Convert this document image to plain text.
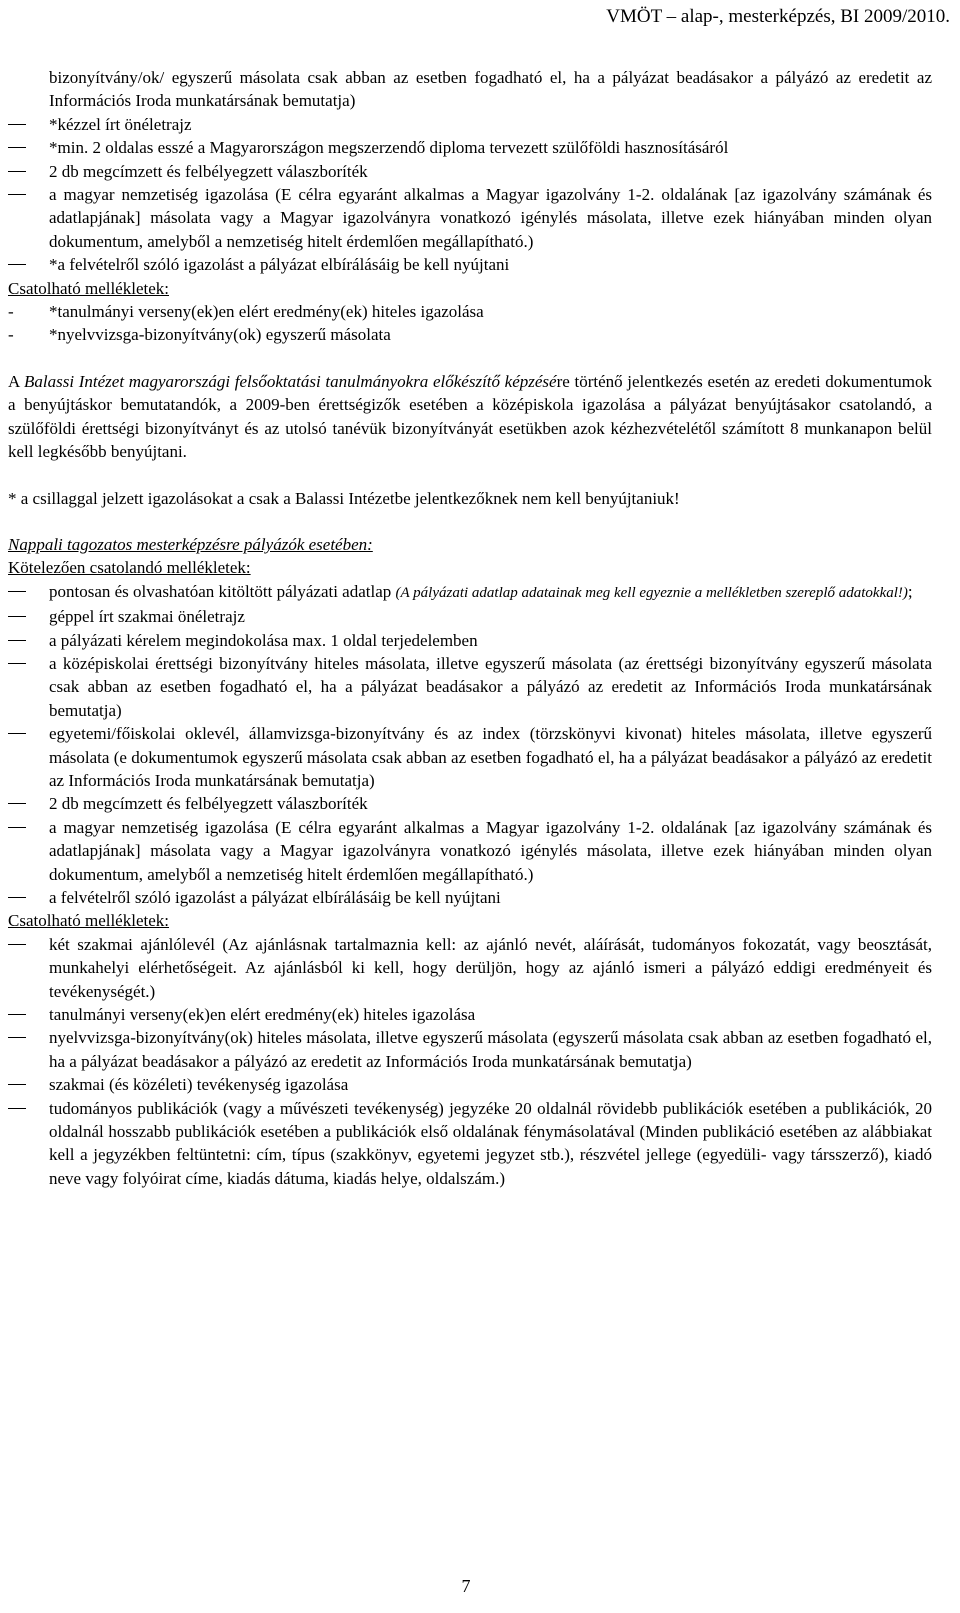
VMÖT – alap-, mesterképzés, BI 2009/2010.

bizonyítvány/ok/ egyszerű másolata csak abban az esetben fogadható el, ha a pályázat beadásakor a pályázó az eredetit az Információs Iroda munkatársának bemutatja)

*kézzel írt önéletrajz

*min. 2 oldalas esszé a Magyarországon megszerzendő diploma tervezett szülőföldi hasznosításáról

2 db megcímzett és felbélyegzett válaszboríték

a magyar nemzetiség igazolása (E célra egyaránt alkalmas a Magyar igazolvány 1-2. oldalának [az igazolvány számának és adatlapjának] másolata vagy a Magyar igazolványra vonatkozó igénylés másolata, illetve ezek hiányában minden olyan dokumentum, amelyből a nemzetiség hitelt érdemlően megállapítható.)

*a felvételről szóló igazolást a pályázat elbírálásáig be kell nyújtani

Csatolható mellékletek:

- *tanulmányi verseny(ek)en elért eredmény(ek) hiteles igazolása

- *nyelvvizsga-bizonyítvány(ok) egyszerű másolata

A Balassi Intézet magyarországi felsőoktatási tanulmányokra előkészítő képzésére történő jelentkezés esetén az eredeti dokumentumok a benyújtáskor bemutatandók, a 2009-ben érettségizők esetében a középiskola igazolása a pályázat benyújtásakor csatolandó, a szülőföldi érettségi bizonyítványt és az utolsó tanévük bizonyítványát esetükben azok kézhezvételétől számított 8 munkanapon belül kell legkésőbb benyújtani.

* a csillaggal jelzett igazolásokat a csak a Balassi Intézetbe jelentkezőknek nem kell benyújtaniuk!

Nappali tagozatos mesterképzésre pályázók esetében:

Kötelezően csatolandó mellékletek:

pontosan és olvashatóan kitöltött pályázati adatlap (A pályázati adatlap adatainak meg kell egyeznie a mellékletben szereplő adatokkal!);

géppel írt szakmai önéletrajz

a pályázati kérelem megindokolása max. 1 oldal terjedelemben

a középiskolai érettségi bizonyítvány hiteles másolata, illetve egyszerű másolata (az érettségi bizonyítvány egyszerű másolata csak abban az esetben fogadható el, ha a pályázat beadásakor a pályázó az eredetit az Információs Iroda munkatársának bemutatja)

egyetemi/főiskolai oklevél, államvizsga-bizonyítvány és az index (törzskönyvi kivonat) hiteles másolata, illetve egyszerű másolata (e dokumentumok egyszerű másolata csak abban az esetben fogadható el, ha a pályázat beadásakor a pályázó az eredetit az Információs Iroda munkatársának bemutatja)

2 db megcímzett és felbélyegzett válaszboríték

a magyar nemzetiség igazolása (E célra egyaránt alkalmas a Magyar igazolvány 1-2. oldalának [az igazolvány számának és adatlapjának] másolata vagy a Magyar igazolványra vonatkozó igénylés másolata, illetve ezek hiányában minden olyan dokumentum, amelyből a nemzetiség hitelt érdemlően megállapítható.)

a felvételről szóló igazolást a pályázat elbírálásáig be kell nyújtani

Csatolható mellékletek:

két szakmai ajánlólevél (Az ajánlásnak tartalmaznia kell: az ajánló nevét, aláírását, tudományos fokozatát, vagy beosztását, munkahelyi elérhetőségeit. Az ajánlásból ki kell, hogy derüljön, hogy az ajánló ismeri a pályázó eddigi eredményeit és tevékenységét.)

tanulmányi verseny(ek)en elért eredmény(ek) hiteles igazolása

nyelvvizsga-bizonyítvány(ok) hiteles másolata, illetve egyszerű másolata (egyszerű másolata csak abban az esetben fogadható el, ha a pályázat beadásakor a pályázó az eredetit az Információs Iroda munkatársának bemutatja)

szakmai (és közéleti) tevékenység igazolása

tudományos publikációk (vagy a művészeti tevékenység) jegyzéke 20 oldalnál rövidebb publikációk esetében a publikációk, 20 oldalnál hosszabb publikációk esetében a publikációk első oldalának fénymásolatával (Minden publikáció esetében az alábbiakat kell a jegyzékben feltüntetni: cím, típus (szakkönyv, egyetemi jegyzet stb.), részvétel jellege (egyedüli- vagy társszerző), kiadó neve vagy folyóirat címe, kiadás dátuma, kiadás helye, oldalszám.)

7
